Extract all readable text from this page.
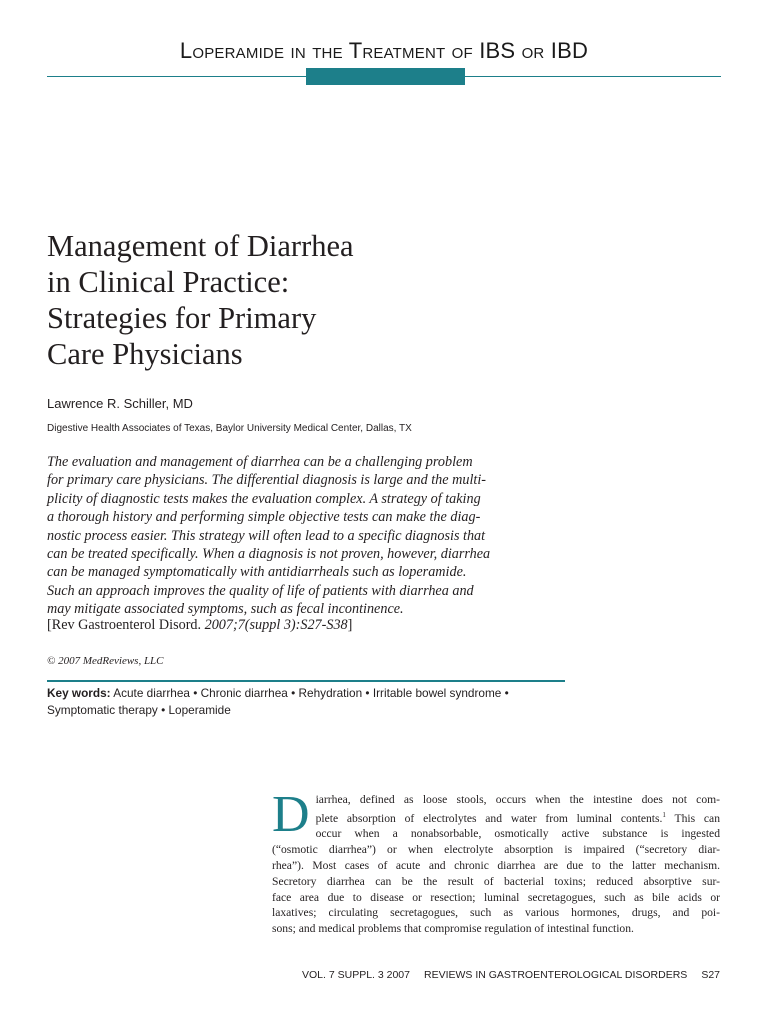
Loperamide in the Treatment of IBS or IBD
Management of Diarrhea
in Clinical Practice:
Strategies for Primary
Care Physicians
Lawrence R. Schiller, MD
Digestive Health Associates of Texas, Baylor University Medical Center, Dallas, TX
The evaluation and management of diarrhea can be a challenging problem
for primary care physicians. The differential diagnosis is large and the multi-
plicity of diagnostic tests makes the evaluation complex. A strategy of taking
a thorough history and performing simple objective tests can make the diag-
nostic process easier. This strategy will often lead to a specific diagnosis that
can be treated specifically. When a diagnosis is not proven, however, diarrhea
can be managed symptomatically with antidiarrheals such as loperamide.
Such an approach improves the quality of life of patients with diarrhea and
may mitigate associated symptoms, such as fecal incontinence.
[Rev Gastroenterol Disord. 2007;7(suppl 3):S27-S38]
© 2007 MedReviews, LLC
Key words: Acute diarrhea • Chronic diarrhea • Rehydration • Irritable bowel syndrome •
Symptomatic therapy • Loperamide
D iarrhea, defined as loose stools, occurs when the intestine does not com-
plete absorption of electrolytes and water from luminal contents.$^1$ This can
occur when a nonabsorbable, osmotically active substance is ingested
(“osmotic diarrhea”) or when electrolyte absorption is impaired (“secretory diar-
rhea”). Most cases of acute and chronic diarrhea are due to the latter mechanism.
Secretory diarrhea can be the result of bacterial toxins; reduced absorptive sur-
face area due to disease or resection; luminal secretagogues, such as bile acids or
laxatives; circulating secretagogues, such as various hormones, drugs, and poi-
sons; and medical problems that compromise regulation of intestinal function.
VOL. 7 SUPPL. 3 2007 REVIEWS IN GASTROENTEROLOGICAL DISORDERS S27
